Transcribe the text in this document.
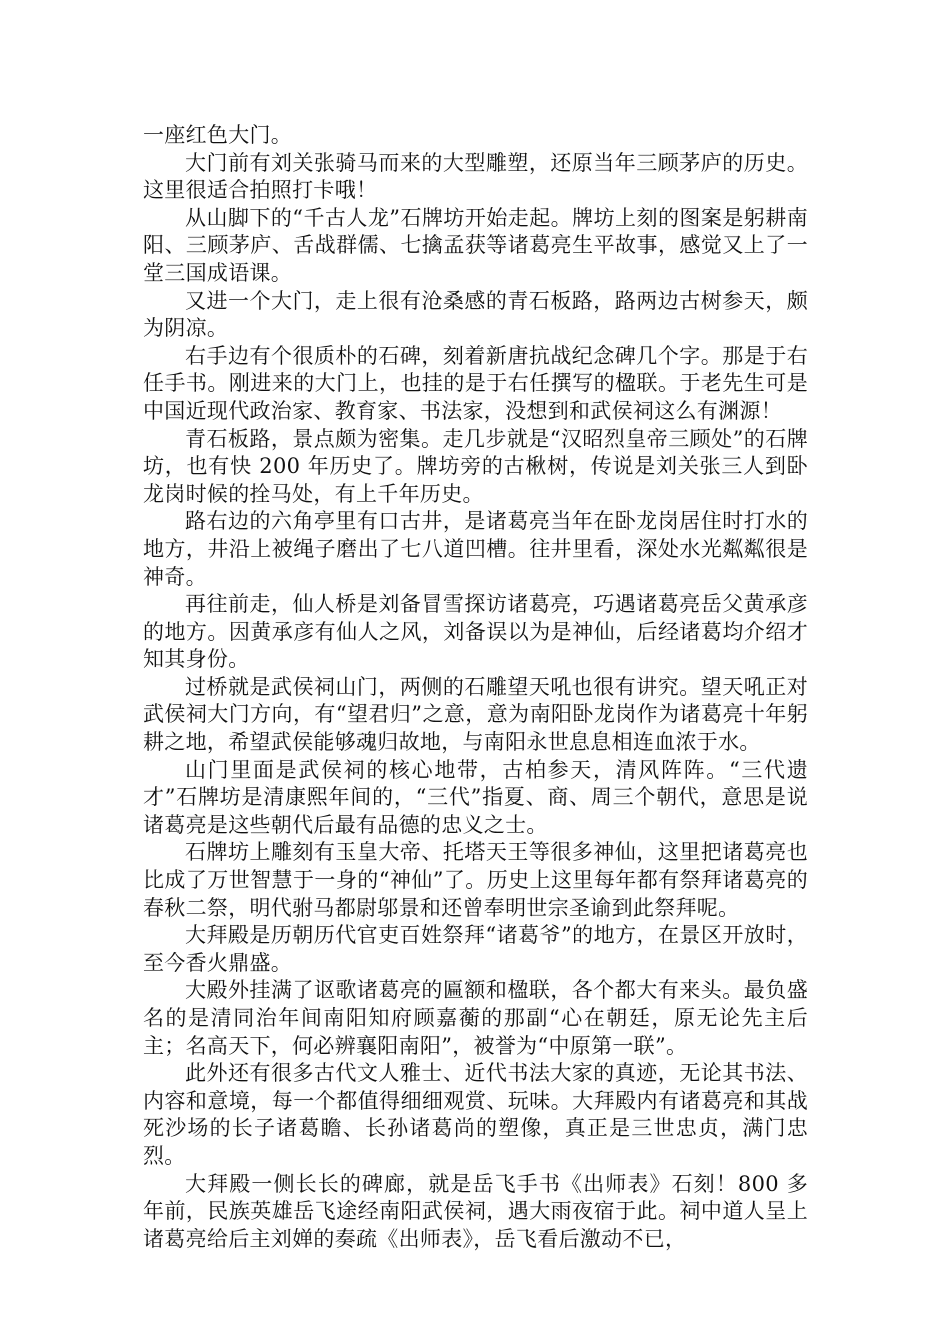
一座红色大门。

大门前有刘关张骑马而来的大型雕塑，还原当年三顾茅庐的历史。这里很适合拍照打卡哦！

从山脚下的“千古人龙”石牌坊开始走起。牌坊上刻的图案是躬耕南阳、三顾茅庐、舌战群儒、七擒孟获等诸葛亮生平故事，感觉又上了一堂三国成语课。

又进一个大门，走上很有沧桑感的青石板路，路两边古树参天，颇为阴凉。

右手边有个很质朴的石碑，刻着新唐抗战纪念碑几个字。那是于右任手书。刚进来的大门上，也挂的是于右任撰写的楹联。于老先生可是中国近现代政治家、教育家、书法家，没想到和武侯祠这么有渊源！

青石板路，景点颇为密集。走几步就是“汉昭烈皇帝三顾处”的石牌坊，也有快 200 年历史了。牌坊旁的古楸树，传说是刘关张三人到卧龙岗时候的拴马处，有上千年历史。

路右边的六角亭里有口古井，是诸葛亮当年在卧龙岗居住时打水的地方，井沿上被绳子磨出了七八道凹槽。往井里看，深处水光粼粼很是神奇。

再往前走，仙人桥是刘备冒雪探访诸葛亮，巧遇诸葛亮岳父黄承彦的地方。因黄承彦有仙人之风，刘备误以为是神仙，后经诸葛均介绍才知其身份。

过桥就是武侯祠山门，两侧的石雕望天吼也很有讲究。望天吼正对武侯祠大门方向，有“望君归”之意，意为南阳卧龙岗作为诸葛亮十年躬耕之地，希望武侯能够魂归故地，与南阳永世息息相连血浓于水。

山门里面是武侯祠的核心地带，古柏参天，清风阵阵。“三代遗才”石牌坊是清康熙年间的，“三代”指夏、商、周三个朝代，意思是说诸葛亮是这些朝代后最有品德的忠义之士。

石牌坊上雕刻有玉皇大帝、托塔天王等很多神仙，这里把诸葛亮也比成了万世智慧于一身的“神仙”了。历史上这里每年都有祭拜诸葛亮的春秋二祭，明代驸马都尉邬景和还曾奉明世宗圣谕到此祭拜呢。

大拜殿是历朝历代官吏百姓祭拜“诸葛爷”的地方，在景区开放时，至今香火鼎盛。

大殿外挂满了讴歌诸葛亮的匾额和楹联，各个都大有来头。最负盛名的是清同治年间南阳知府顾嘉蘅的那副“心在朝廷，原无论先主后主；名高天下，何必辨襄阳南阳”，被誉为“中原第一联”。

此外还有很多古代文人雅士、近代书法大家的真迹，无论其书法、内容和意境，每一个都值得细细观赏、玩味。大拜殿内有诸葛亮和其战死沙场的长子诸葛瞻、长孙诸葛尚的塑像，真正是三世忠贞，满门忠烈。

大拜殿一侧长长的碑廊，就是岳飞手书《出师表》石刻！800 多年前，民族英雄岳飞途经南阳武侯祠，遇大雨夜宿于此。祠中道人呈上诸葛亮给后主刘婵的奏疏《出师表》，岳飞看后激动不已，
